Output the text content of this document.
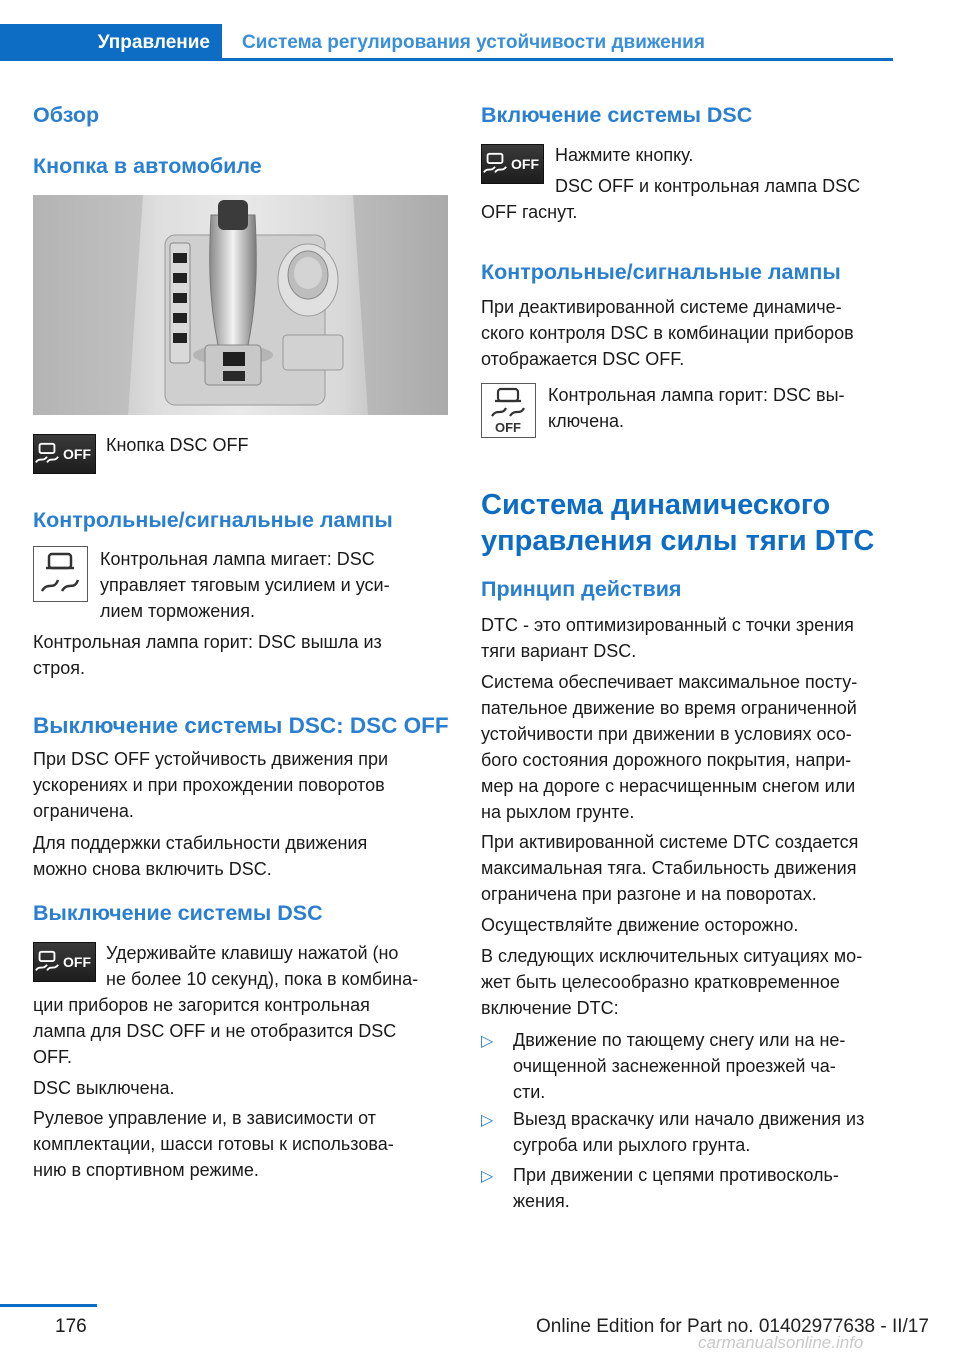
Управление Система регулирования устойчивости движения
Обзор
Кнопка в автомобиле
OFF Кнопка DSC OFF
Контрольные/сигнальные лампы
Контрольная лампа мигает: DSC
управляет тяговым усилием и уси-
лием торможения.
Контрольная лампа горит: DSC вышла из
строя.
Выключение системы DSC: DSC OFF
При DSC OFF устойчивость движения при
ускорениях и при прохождении поворотов
ограничена.
Для поддержки стабильности движения
можно снова включить DSC.
Выключение системы DSC
OFF Удерживайте клавишу нажатой (но
не более 10 секунд), пока в комбина-
ции приборов не загорится контрольная
лампа для DSC OFF и не отобразится DSC
OFF.
DSC выключена.
Рулевое управление и, в зависимости от
комплектации, шасси готовы к использова-
нию в спортивном режиме.
Включение системы DSC
OFF Нажмите кнопку.
DSC OFF и контрольная лампа DSC
OFF гаснут.
Контрольные/сигнальные лампы
При деактивированной системе динамиче-
ского контроля DSC в комбинации приборов
отображается DSC OFF.
OFF
Контрольная лампа горит: DSC вы-
ключена.
Система динамического
управления силы тяги DTC
Принцип действия
DTC - это оптимизированный с точки зрения
тяги вариант DSC.
Система обеспечивает максимальное посту-
пательное движение во время ограниченной
устойчивости при движении в условиях осо-
бого состояния дорожного покрытия, напри-
мер на дороге с нерасчищенным снегом или
на рыхлом грунте.
При активированной системе DTC создается
максимальная тяга. Стабильность движения
ограничена при разгоне и на поворотах.
Осуществляйте движение осторожно.
В следующих исключительных ситуациях мо-
жет быть целесообразно кратковременное
включение DTC:
▷ Движение по тающему снегу или на не-
очищенной заснеженной проезжей ча-
сти.
▷ Выезд враскачку или начало движения из
сугроба или рыхлого грунта.
▷ При движении с цепями противосколь-
жения.
176	Online Edition for Part no. 01402977638 - II/17
carmanualsonline.info
